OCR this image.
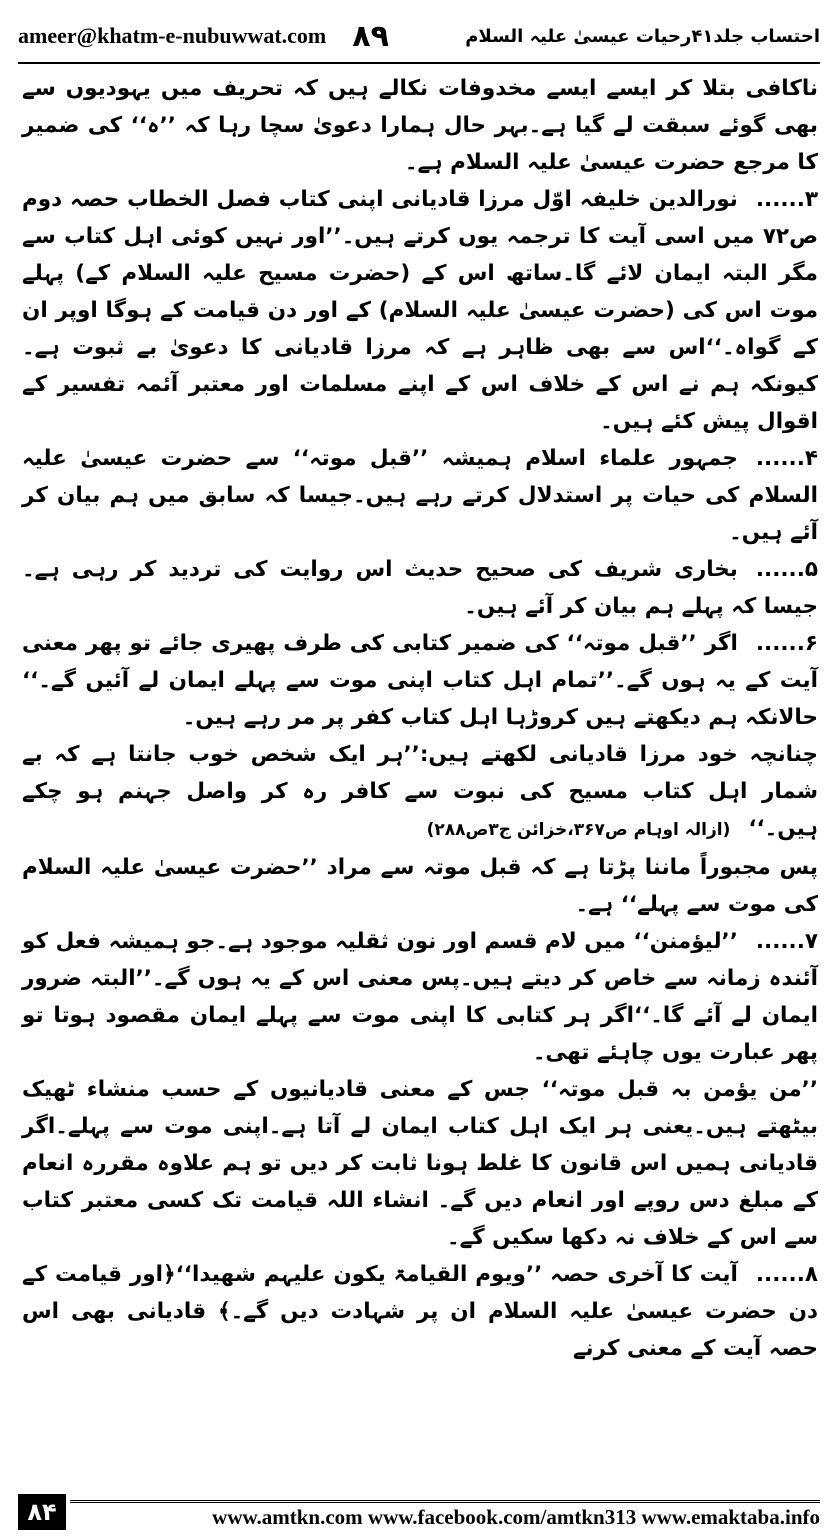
ameer@khatm-e-nubuwwat.com ۸۹	احتساب جلد۴۱رحیات عیسیٰ علیہ السلام

ناکافی بتلا کر ایسے ایسے مخدوفات نکالے ہیں کہ تحریف میں یہودیوں سے بھی گوئے سبقت لے گیا ہے۔بہر حال ہمارا دعویٰ سچا رہا کہ ’’ہ‘‘ کی ضمیر کا مرجع حضرت عیسیٰ علیہ السلام ہے۔

۳......نورالدین خلیفہ اوّل مرزا قادیانی اپنی کتاب فصل الخطاب حصہ دوم ص۷۲ میں اسی آیت کا ترجمہ یوں کرتے ہیں۔’’اور نہیں کوئی اہل کتاب سے مگر البتہ ایمان لائے گا۔ساتھ اس کے (حضرت مسیح علیہ السلام کے) پہلے موت اس کی (حضرت عیسیٰ علیہ السلام) کے اور دن قیامت کے ہوگا اوپر ان کے گواہ۔‘‘اس سے بھی ظاہر ہے کہ مرزا قادیانی کا دعویٰ بے ثبوت ہے۔ کیونکہ ہم نے اس کے خلاف اس کے اپنے مسلمات اور معتبر آئمہ تفسیر کے اقوال پیش کئے ہیں۔

۴......جمہور علماء اسلام ہمیشہ ’’قبل موتہ‘‘ سے حضرت عیسیٰ علیہ السلام کی حیات پر استدلال کرتے رہے ہیں۔جیسا کہ سابق میں ہم بیان کر آئے ہیں۔

۵......بخاری شریف کی صحیح حدیث اس روایت کی تردید کر رہی ہے۔جیسا کہ پہلے ہم بیان کر آئے ہیں۔

۶......اگر ’’قبل موتہ‘‘ کی ضمیر کتابی کی طرف پھیری جائے تو پھر معنی آیت کے یہ ہوں گے۔’’تمام اہل کتاب اپنی موت سے پہلے ایمان لے آئیں گے۔‘‘ حالانکہ ہم دیکھتے ہیں کروڑہا اہل کتاب کفر پر مر رہے ہیں۔

چنانچہ خود مرزا قادیانی لکھتے ہیں:’’ہر ایک شخص خوب جانتا ہے کہ بے شمار اہل کتاب مسیح کی نبوت سے کافر رہ کر واصل جہنم ہو چکے ہیں۔‘‘(ازالہ اوہام ص۳۶۷،خزائن ج۳ص۲۸۸)

پس مجبوراً ماننا پڑتا ہے کہ قبل موتہ سے مراد ’’حضرت عیسیٰ علیہ السلام کی موت سے پہلے‘‘ ہے۔

۷......’’لیؤمنن‘‘ میں لام قسم اور نون ثقلیہ موجود ہے۔جو ہمیشہ فعل کو آئندہ زمانہ سے خاص کر دیتے ہیں۔پس معنی اس کے یہ ہوں گے۔’’البتہ ضرور ایمان لے آئے گا۔‘‘اگر ہر کتابی کا اپنی موت سے پہلے ایمان مقصود ہوتا تو پھر عبارت یوں چاہئے تھی۔

’’من یؤمن بہ قبل موتہ‘‘ جس کے معنی قادیانیوں کے حسب منشاء ٹھیک بیٹھتے ہیں۔یعنی ہر ایک اہل کتاب ایمان لے آتا ہے۔اپنی موت سے پہلے۔اگر قادیانی ہمیں اس قانون کا غلط ہونا ثابت کر دیں تو ہم علاوہ مقررہ انعام کے مبلغ دس روپے اور انعام دیں گے۔ انشاء اللہ قیامت تک کسی معتبر کتاب سے اس کے خلاف نہ دکھا سکیں گے۔

۸......آیت کا آخری حصہ ’’ویوم القیامۃ یکون علیہم شھیدا‘‘﴿اور قیامت کے دن حضرت عیسیٰ علیہ السلام ان پر شہادت دیں گے۔﴾ قادیانی بھی اس حصہ آیت کے معنی کرنے

۸۴	www.amtkn.com www.facebook.com/amtkn313 www.emaktaba.info
